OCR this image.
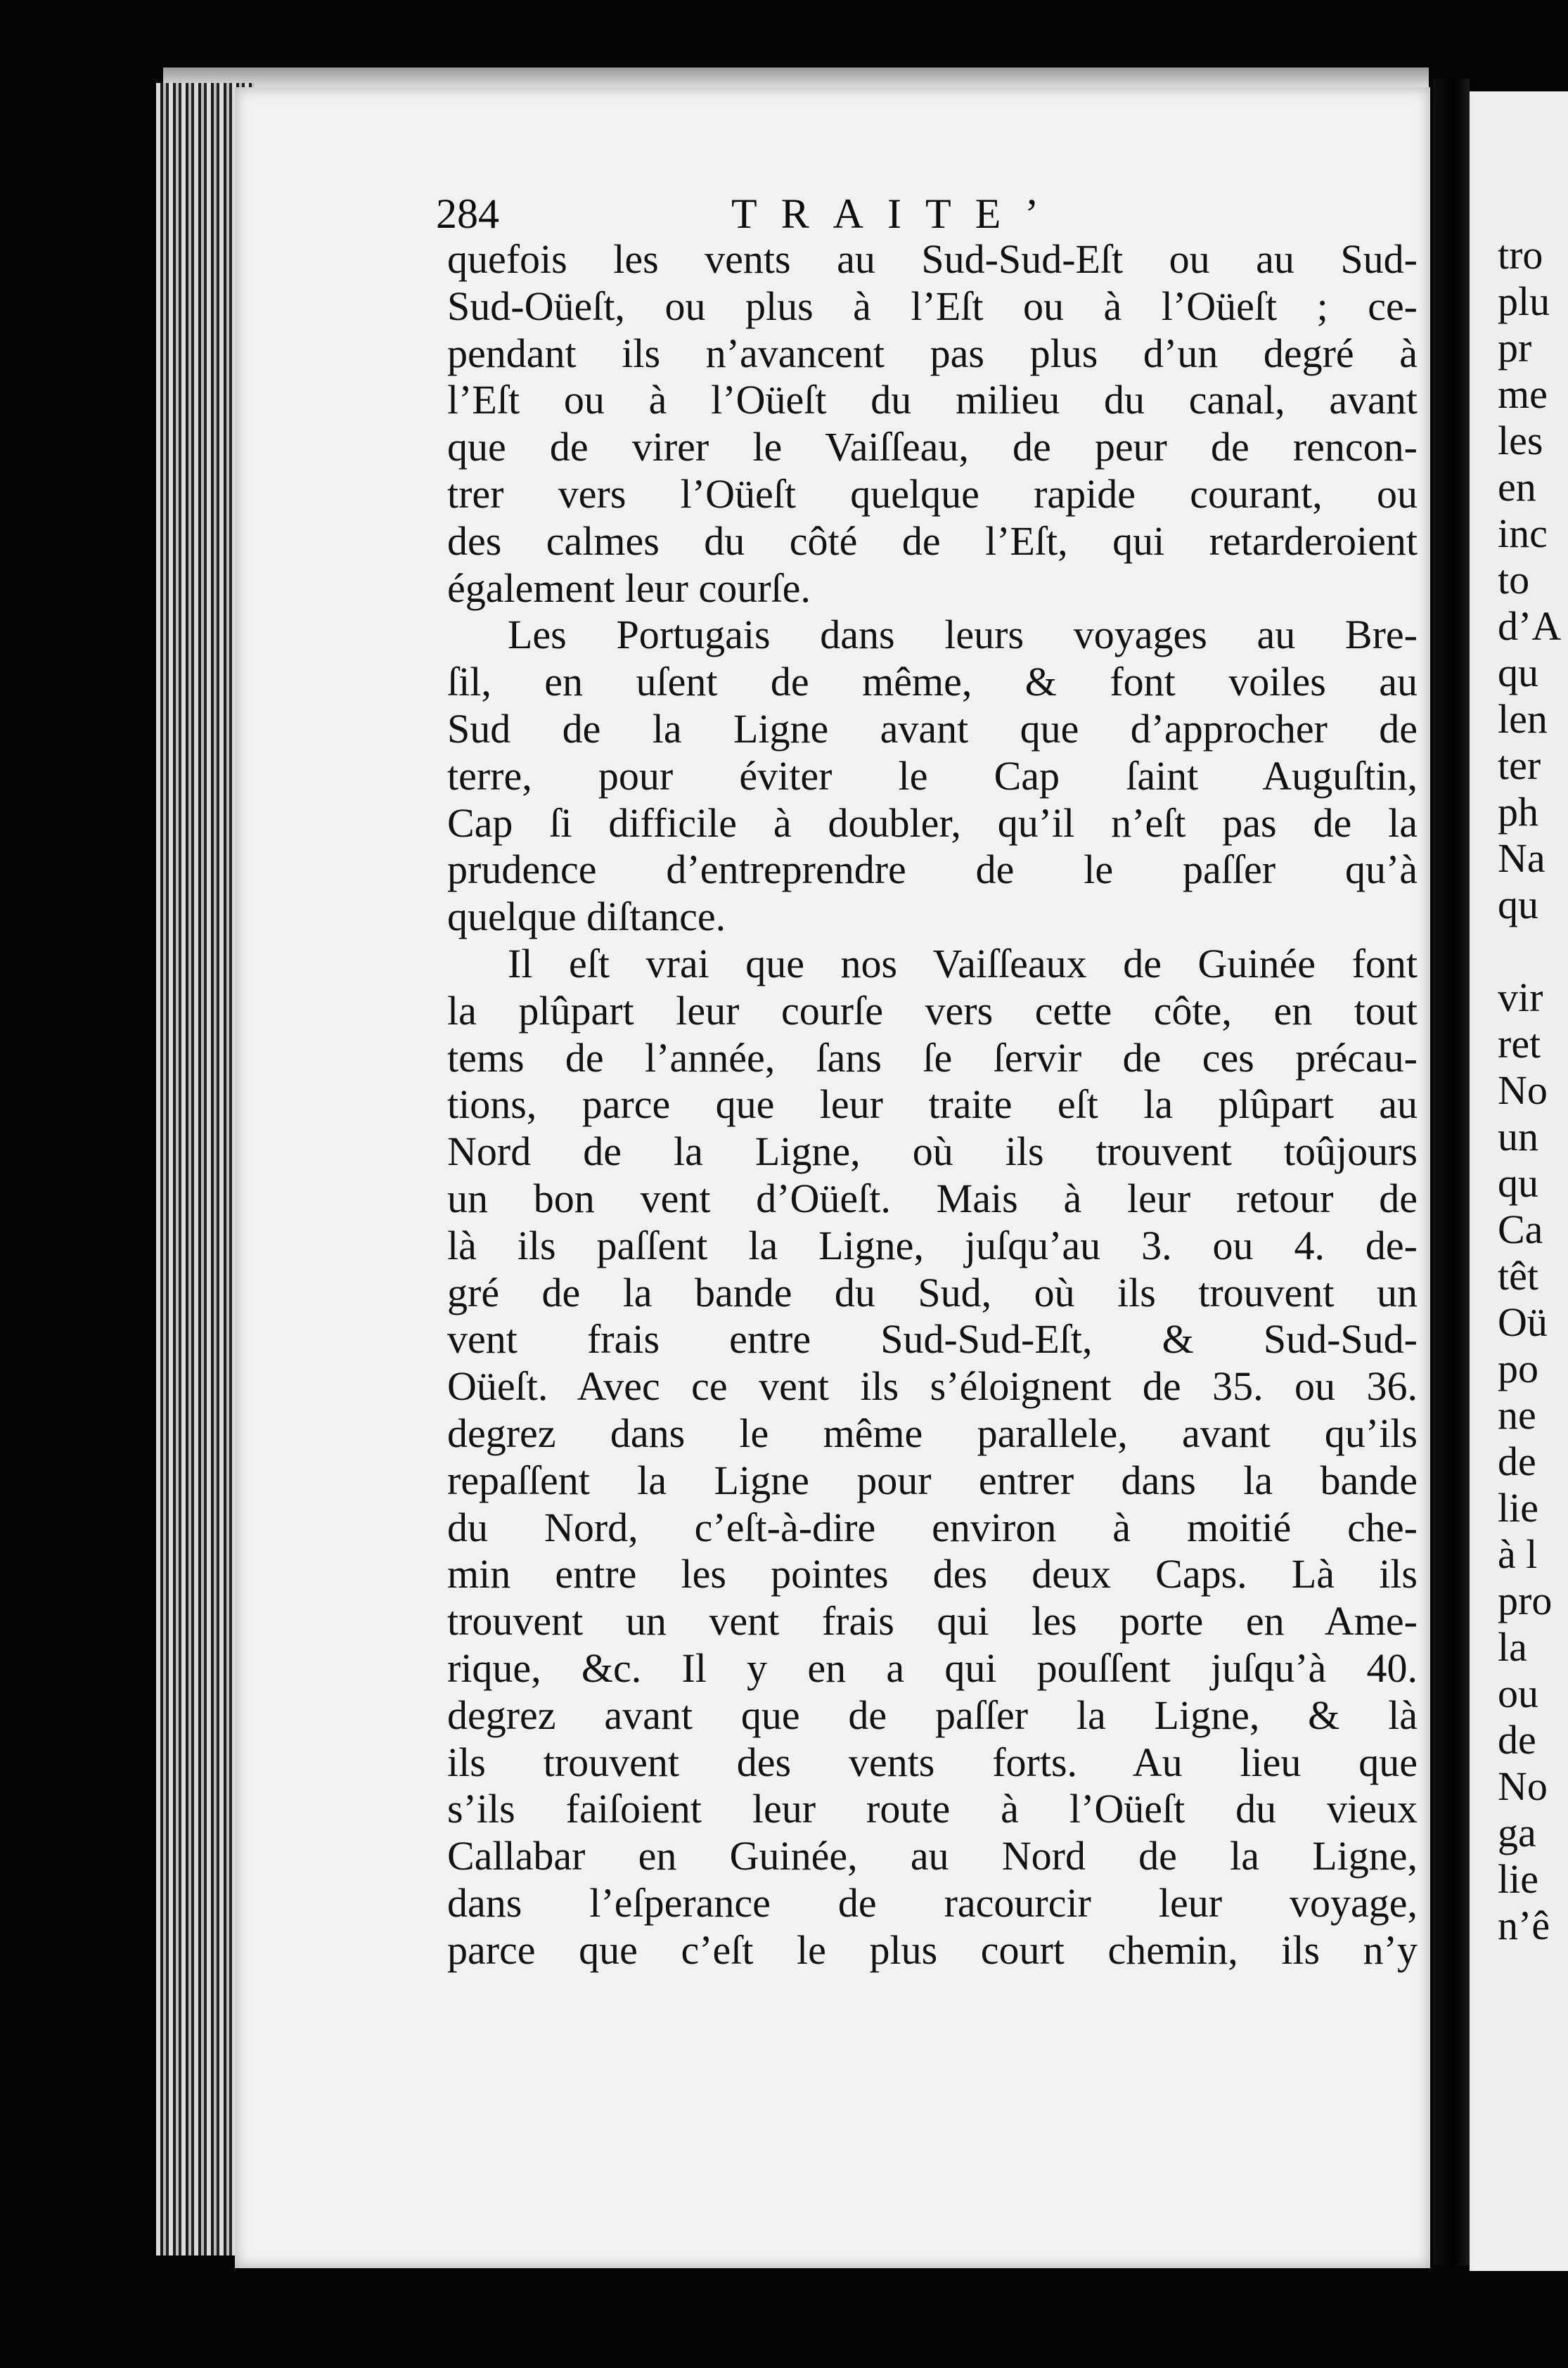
284	TRAITE’
quefois les vents au Sud-Sud-Eſt ou au Sud-
Sud-Oüeſt, ou plus à l’Eſt ou à l’Oüeſt ; ce-
pendant ils n’avancent pas plus d’un degré à
l’Eſt ou à l’Oüeſt du milieu du canal, avant
que de virer le Vaiſſeau, de peur de rencon-
trer vers l’Oüeſt quelque rapide courant, ou
des calmes du côté de l’Eſt, qui retarderoient
également leur courſe.
Les Portugais dans leurs voyages au Bre-
ſil, en uſent de même, & font voiles au
Sud de la Ligne avant que d’approcher de
terre, pour éviter le Cap ſaint Auguſtin,
Cap ſi difficile à doubler, qu’il n’eſt pas de la
prudence d’entreprendre de le paſſer qu’à
quelque diſtance.
Il eſt vrai que nos Vaiſſeaux de Guinée font
la plûpart leur courſe vers cette côte, en tout
tems de l’année, ſans ſe ſervir de ces précau-
tions, parce que leur traite eſt la plûpart au
Nord de la Ligne, où ils trouvent toûjours
un bon vent d’Oüeſt. Mais à leur retour de
là ils paſſent la Ligne, juſqu’au 3. ou 4. de-
gré de la bande du Sud, où ils trouvent un
vent frais entre Sud-Sud-Eſt, & Sud-Sud-
Oüeſt. Avec ce vent ils s’éloignent de 35. ou 36.
degrez dans le même parallele, avant qu’ils
repaſſent la Ligne pour entrer dans la bande
du Nord, c’eſt-à-dire environ à moitié che-
min entre les pointes des deux Caps. Là ils
trouvent un vent frais qui les porte en Ame-
rique, &c. Il y en a qui pouſſent juſqu’à 40.
degrez avant que de paſſer la Ligne, & là
ils trouvent des vents forts. Au lieu que
s’ils faiſoient leur route à l’Oüeſt du vieux
Callabar en Guinée, au Nord de la Ligne,
dans l’eſperance de racourcir leur voyage,
parce que c’eſt le plus court chemin, ils n’y
tro
plu
pr
me
les
en
inc
to
d’A
qu
len
ter
ph
Na
qu
vir
ret
No
un
qu
Ca
têt
Oü
po
ne
de
lie
à l
pro
la
ou
de
No
ga
lie
n’ê
